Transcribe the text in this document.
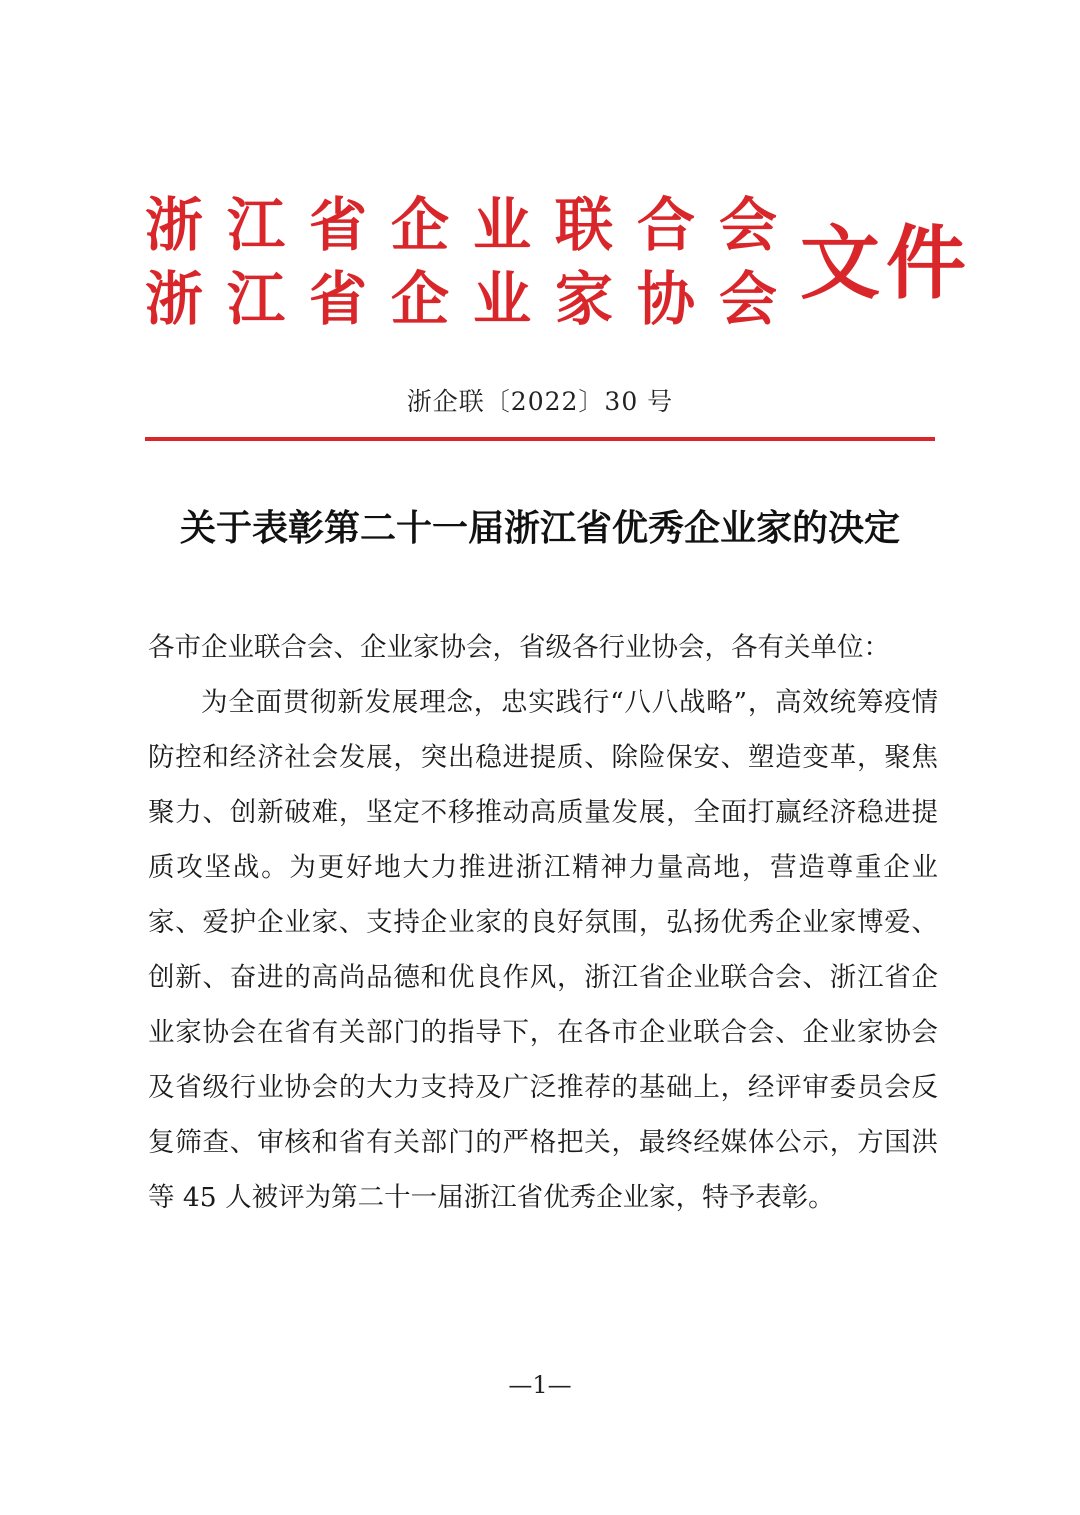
浙江省企业联合会
浙江省企业家协会
文件
浙企联〔2022〕30 号
关于表彰第二十一届浙江省优秀企业家的决定
各市企业联合会、企业家协会，省级各行业协会，各有关单位：
为全面贯彻新发展理念，忠实践行“八八战略”，高效统筹疫情防控和经济社会发展，突出稳进提质、除险保安、塑造变革，聚焦聚力、创新破难，坚定不移推动高质量发展，全面打赢经济稳进提质攻坚战。为更好地大力推进浙江精神力量高地，营造尊重企业家、爱护企业家、支持企业家的良好氛围，弘扬优秀企业家博爱、创新、奋进的高尚品德和优良作风，浙江省企业联合会、浙江省企业家协会在省有关部门的指导下，在各市企业联合会、企业家协会及省级行业协会的大力支持及广泛推荐的基础上，经评审委员会反复筛查、审核和省有关部门的严格把关，最终经媒体公示，方国洪等 45 人被评为第二十一届浙江省优秀企业家，特予表彰。
—1—
